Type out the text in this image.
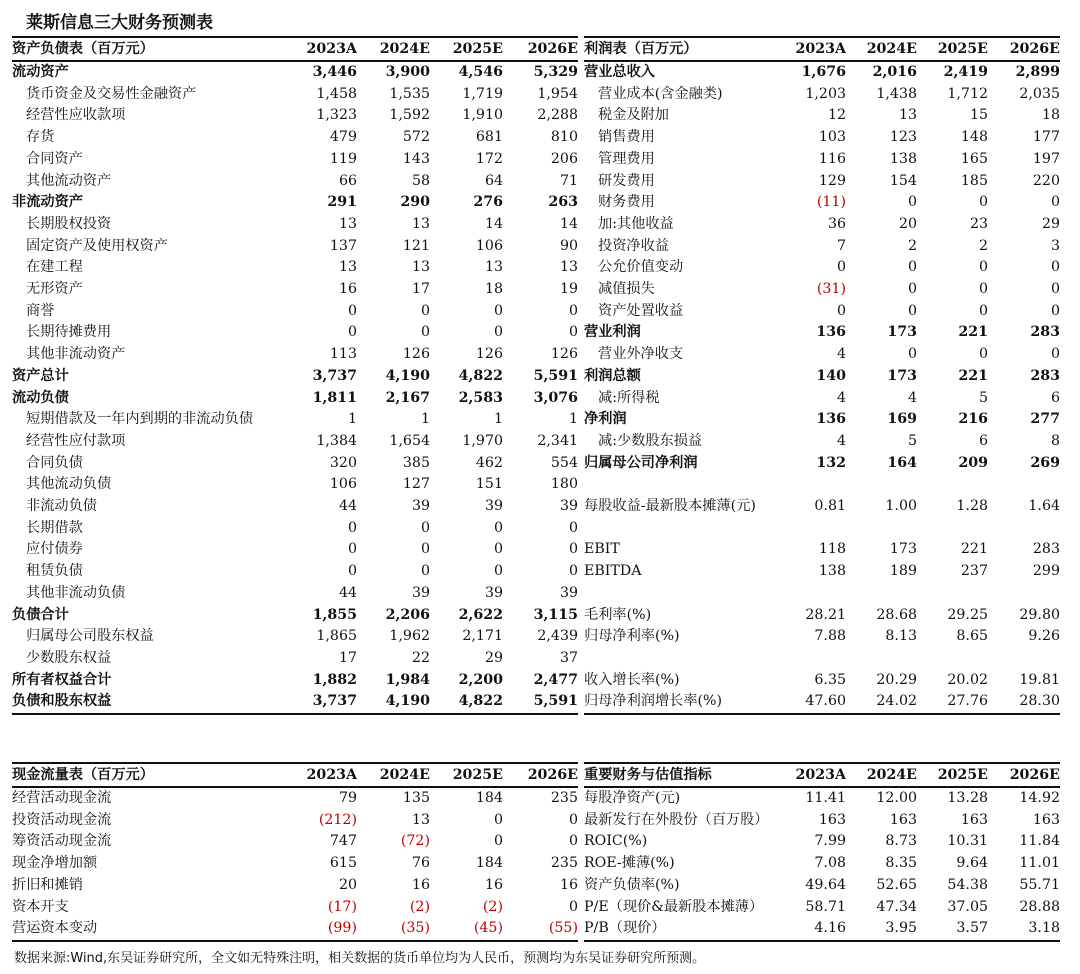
莱斯信息三大财务预测表
资产负债表（百万元）	2023A	2024E	2025E	2026E
流动资产	3,446	3,900	4,546	5,329
货币资金及交易性金融资产	1,458	1,535	1,719	1,954
经营性应收款项	1,323	1,592	1,910	2,288
存货	479	572	681	810
合同资产	119	143	172	206
其他流动资产	66	58	64	71
非流动资产	291	290	276	263
长期股权投资	13	13	14	14
固定资产及使用权资产	137	121	106	90
在建工程	13	13	13	13
无形资产	16	17	18	19
商誉	0	0	0	0
长期待摊费用	0	0	0	0
其他非流动资产	113	126	126	126
资产总计	3,737	4,190	4,822	5,591
流动负债	1,811	2,167	2,583	3,076
短期借款及一年内到期的非流动负债	1	1	1	1
经营性应付款项	1,384	1,654	1,970	2,341
合同负债	320	385	462	554
其他流动负债	106	127	151	180
非流动负债	44	39	39	39
长期借款	0	0	0	0
应付债券	0	0	0	0
租赁负债	0	0	0	0
其他非流动负债	44	39	39	39
负债合计	1,855	2,206	2,622	3,115
归属母公司股东权益	1,865	1,962	2,171	2,439
少数股东权益	17	22	29	37
所有者权益合计	1,882	1,984	2,200	2,477
负债和股东权益	3,737	4,190	4,822	5,591
利润表（百万元）	2023A	2024E	2025E	2026E
营业总收入	1,676	2,016	2,419	2,899
营业成本(含金融类)	1,203	1,438	1,712	2,035
税金及附加	12	13	15	18
销售费用	103	123	148	177
管理费用	116	138	165	197
研发费用	129	154	185	220
财务费用	(11)	0	0	0
加:其他收益	36	20	23	29
投资净收益	7	2	2	3
公允价值变动	0	0	0	0
减值损失	(31)	0	0	0
资产处置收益	0	0	0	0
营业利润	136	173	221	283
营业外净收支	4	0	0	0
利润总额	140	173	221	283
减:所得税	4	4	5	6
净利润	136	169	216	277
减:少数股东损益	4	5	6	8
归属母公司净利润	132	164	209	269

每股收益-最新股本摊薄(元)	0.81	1.00	1.28	1.64

EBIT	118	173	221	283
EBITDA	138	189	237	299

毛利率(%)	28.21	28.68	29.25	29.80
归母净利率(%)	7.88	8.13	8.65	9.26

收入增长率(%)	6.35	20.29	20.02	19.81
归母净利润增长率(%)	47.60	24.02	27.76	28.30
现金流量表（百万元）	2023A	2024E	2025E	2026E
经营活动现金流	79	135	184	235
投资活动现金流	(212)	13	0	0
筹资活动现金流	747	(72)	0	0
现金净增加额	615	76	184	235
折旧和摊销	20	16	16	16
资本开支	(17)	(2)	(2)	0
营运资本变动	(99)	(35)	(45)	(55)
重要财务与估值指标	2023A	2024E	2025E	2026E
每股净资产(元)	11.41	12.00	13.28	14.92
最新发行在外股份（百万股）	163	163	163	163
ROIC(%)	7.99	8.73	10.31	11.84
ROE-摊薄(%)	7.08	8.35	9.64	11.01
资产负债率(%)	49.64	52.65	54.38	55.71
P/E（现价&最新股本摊薄）	58.71	47.34	37.05	28.88
P/B（现价）	4.16	3.95	3.57	3.18
数据来源:Wind,东吴证券研究所，全文如无特殊注明，相关数据的货币单位均为人民币，预测均为东吴证券研究所预测。
